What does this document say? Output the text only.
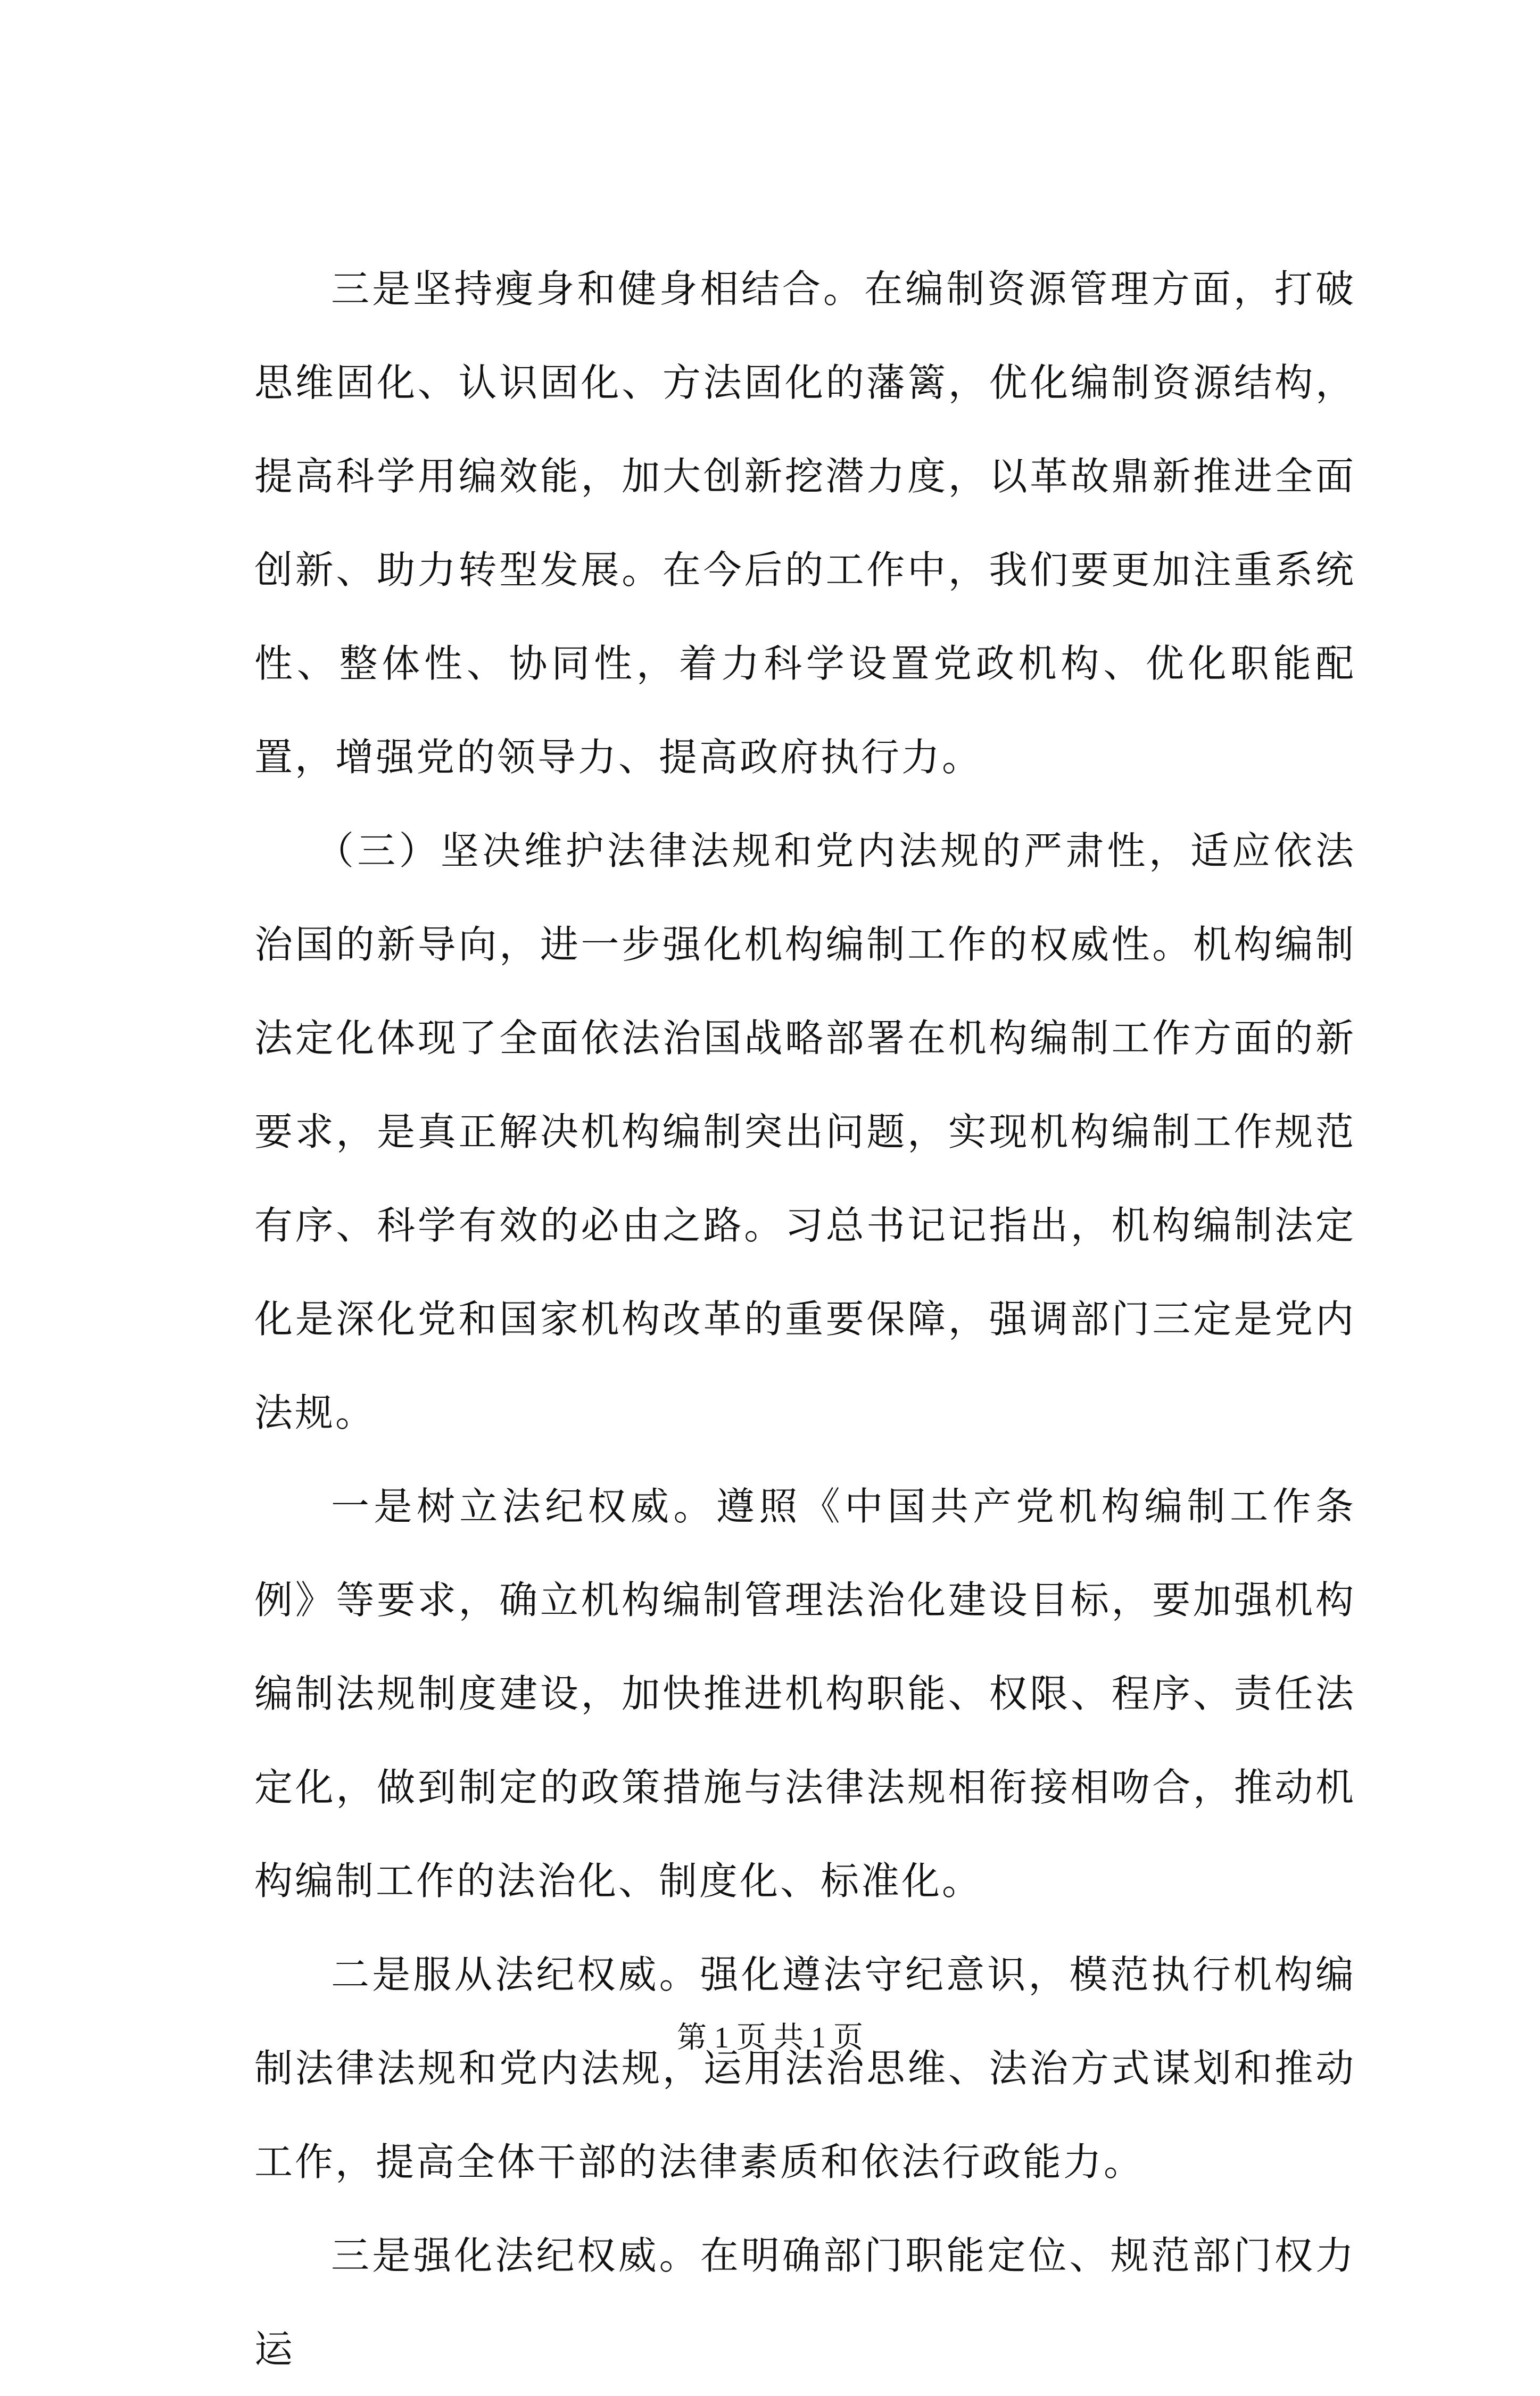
三是坚持瘦身和健身相结合。在编制资源管理方面，打破思维固化、认识固化、方法固化的藩篱，优化编制资源结构，提高科学用编效能，加大创新挖潜力度，以革故鼎新推进全面创新、助力转型发展。在今后的工作中，我们要更加注重系统性、整体性、协同性，着力科学设置党政机构、优化职能配置，增强党的领导力、提高政府执行力。

（三）坚决维护法律法规和党内法规的严肃性，适应依法治国的新导向，进一步强化机构编制工作的权威性。机构编制法定化体现了全面依法治国战略部署在机构编制工作方面的新要求，是真正解决机构编制突出问题，实现机构编制工作规范有序、科学有效的必由之路。习总书记记指出，机构编制法定化是深化党和国家机构改革的重要保障，强调部门三定是党内法规。

一是树立法纪权威。遵照《中国共产党机构编制工作条例》等要求，确立机构编制管理法治化建设目标，要加强机构编制法规制度建设，加快推进机构职能、权限、程序、责任法定化，做到制定的政策措施与法律法规相衔接相吻合，推动机构编制工作的法治化、制度化、标准化。

二是服从法纪权威。强化遵法守纪意识，模范执行机构编制法律法规和党内法规，运用法治思维、法治方式谋划和推动工作，提高全体干部的法律素质和依法行政能力。

三是强化法纪权威。在明确部门职能定位、规范部门权力运

第 1 页 共 1 页
